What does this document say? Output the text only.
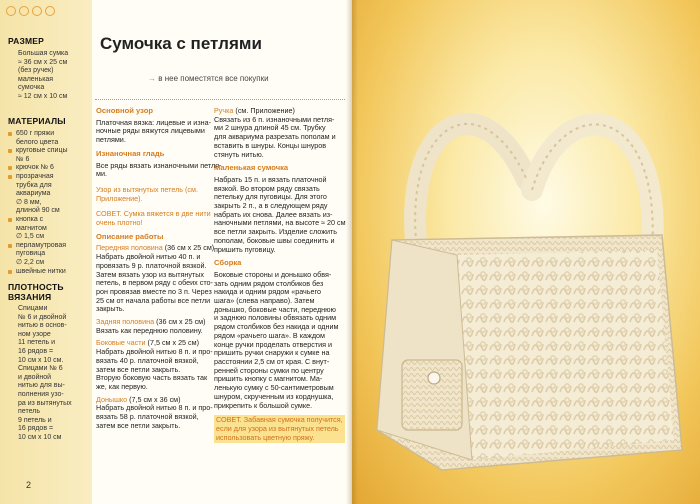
РАЗМЕР
Большая сумка
≈ 36 см x 25 см
(без ручек)
маленькая
сумочка
≈ 12 см x 10 см
МАТЕРИАЛЫ
650 г пряжи
белого цвета
круговые спицы
№ 6
крючок № 6
прозрачная
трубка для
аквариума
∅ 8 мм,
длиной 90 см
кнопка с
магнитом
∅ 1,5 см
перламутровая
пуговица
∅ 2,2 см
швейные нитки
ПЛОТНОСТЬ
ВЯЗАНИЯ
Спицами
№ 6 и двойной
нитью в основ-
ном узоре
11 петель и
16 рядов =
10 см x 10 см.
Спицами № 6
и двойной
нитью для вы-
полнения узо-
ра из вытянутых
петель
9 петель и
16 рядов =
10 см x 10 см
2
Сумочка с петлями
→ в нее поместятся все покупки
Основной узор
Платочная вязка: лицевые и изна-
ночные ряды вяжутся лицевыми
петлями.
Изнаночная гладь
Все ряды вязать изнаночными петля-
ми.
Узор из вытянутых петель (см.
Приложение).
СОВЕТ. Сумка вяжется в две нити
очень плотно!
Описание работы
Передняя половина (36 см x 25 см)
Набрать двойной нитью 40 п. и
провязать 9 р. платочной вязкой.
Затем вязать узор из вытянутых
петель, в первом ряду с обеих сто-
рон провязав вместе по 3 п. Через
25 см от начала работы все петли
закрыть.
Задняя половина (36 см x 25 см)
Вязать как переднюю половину.
Боковые части (7,5 см x 25 см)
Набрать двойной нитью 8 п. и про-
вязать 40 р. платочной вязкой,
затем все петли закрыть.
Вторую боковую часть вязать так
же, как первую.
Донышко (7,5 см x 36 см)
Набрать двойной нитью 8 п. и про-
вязать 58 р. платочной вязкой,
затем все петли закрыть.
Ручка (см. Приложение)
Связать из 6 п. изнаночными петля-
ми 2 шнура длиной 45 см. Трубку
для аквариума разрезать пополам и
вставить в шнуры. Концы шнуров
стянуть нитью.
Маленькая сумочка
Набрать 15 п. и вязать платочной
вязкой. Во втором ряду связать
петельку для пуговицы. Для этого
закрыть 2 п., а в следующем ряду
набрать их снова. Далее вязать из-
наночными петлями, на высоте ≈ 20 см
все петли закрыть. Изделие сложить
пополам, боковые швы соединить и
пришить пуговицу.
Сборка
Боковые стороны и донышко обвя-
зать одним рядом столбиков без
накида и одним рядом «рачьего
шага» (слева направо). Затем
донышко, боковые части, переднюю
и заднюю половины обвязать одним
рядом столбиков без накида и одним
рядом «рачьего шага». В каждом
конце ручки проделать отверстия и
пришить ручки снаружи к сумке на
расстоянии 2,5 см от края. С внут-
ренней стороны сумки по центру
пришить кнопку с магнитом. Ма-
ленькую сумку с 50-сантиметровым
шнуром, скрученным из корднушка,
прикрепить к большой сумке.
СОВЕТ. Забавная сумочка получится,
если для узора из вытянутых петель
использовать цветную пряжу.
